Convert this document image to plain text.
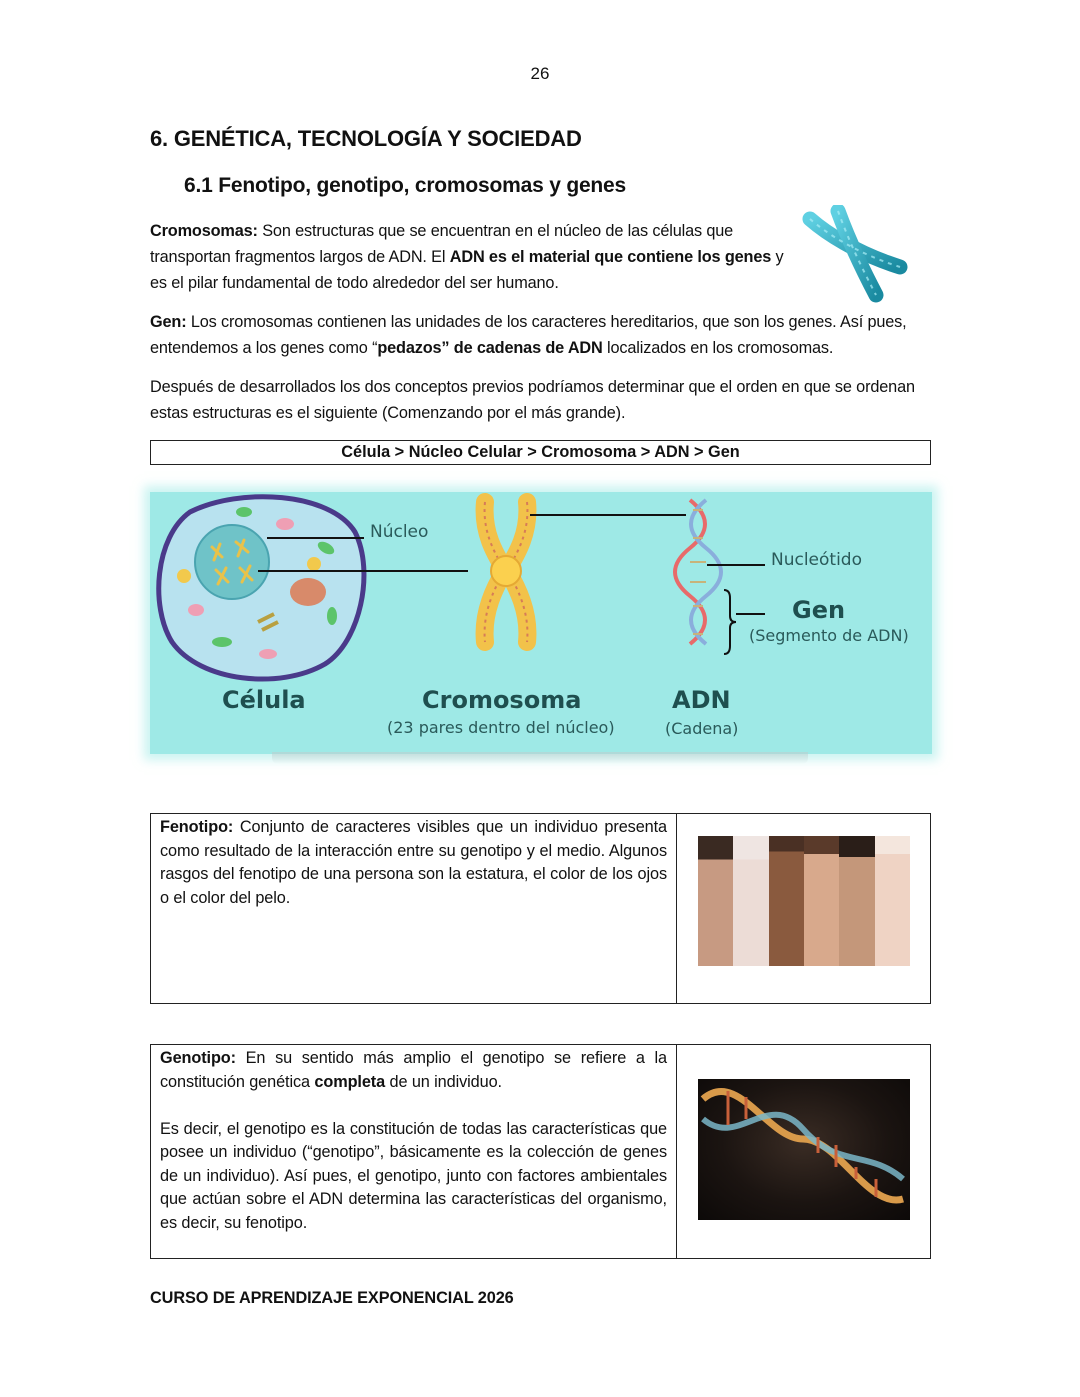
26
6. GENÉTICA, TECNOLOGÍA Y SOCIEDAD
6.1 Fenotipo, genotipo, cromosomas y genes

Cromosomas: Son estructuras que se encuentran en el núcleo de las células que transportan fragmentos largos de ADN. El ADN es el material que contiene los genes y es el pilar fundamental de todo alrededor del ser humano.

Gen: Los cromosomas contienen las unidades de los caracteres hereditarios, que son los genes. Así pues, entendemos a los genes como “pedazos” de cadenas de ADN localizados en los cromosomas.

Después de desarrollados los dos conceptos previos podríamos determinar que el orden en que se ordenan estas estructuras es el siguiente (Comenzando por el más grande).

Célula > Núcleo Celular > Cromosoma > ADN > Gen
Núcleo
Nucleótido
Gen
(Segmento de ADN)
Célula	Cromosoma
(23 pares dentro del núcleo)
ADN
(Cadena)
Fenotipo: Conjunto de caracteres visibles que un individuo presenta como resultado de la interacción entre su genotipo y el medio. Algunos rasgos del fenotipo de una persona son la estatura, el color de los ojos o el color del pelo.
Genotipo: En su sentido más amplio el genotipo se refiere a la constitución genética completa de un individuo.
Es decir, el genotipo es la constitución de todas las características que posee un individuo (“genotipo”, básicamente es la colección de genes de un individuo). Así pues, el genotipo, junto con factores ambientales que actúan sobre el ADN determina las características del organismo, es decir, su fenotipo.
CURSO DE APRENDIZAJE EXPONENCIAL 2026
